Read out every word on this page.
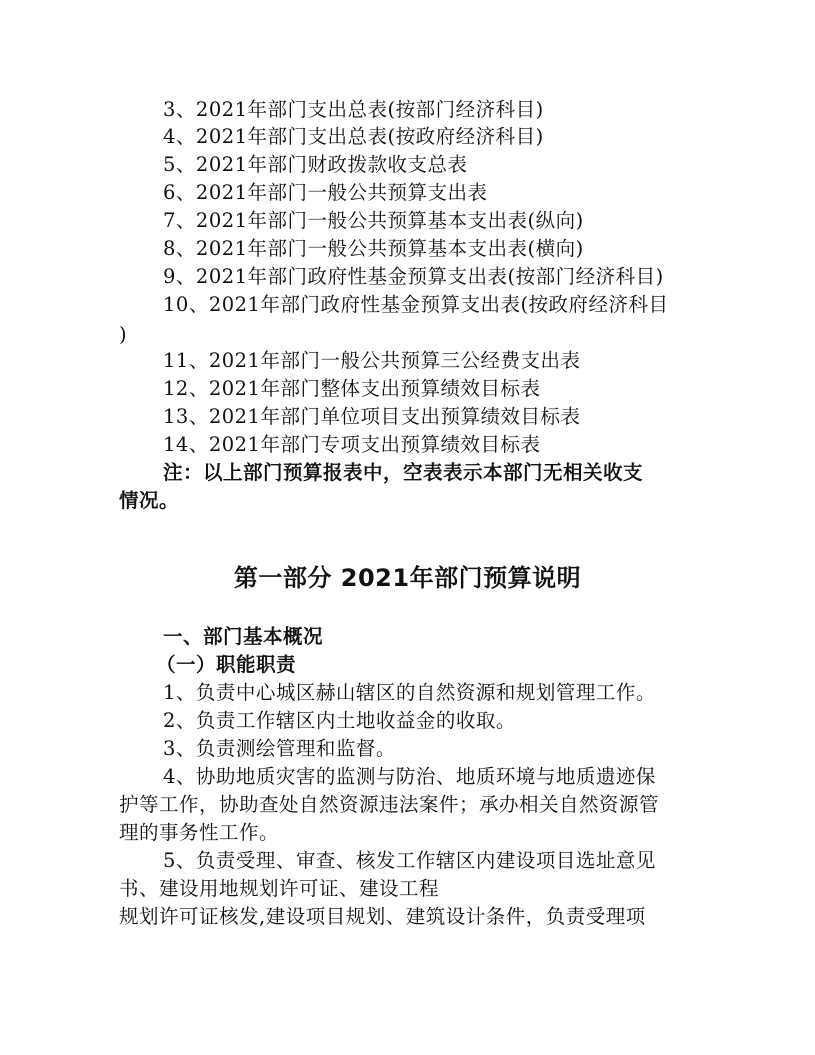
3、2021年部门支出总表(按部门经济科目)
4、2021年部门支出总表(按政府经济科目)
5、2021年部门财政拨款收支总表
6、2021年部门一般公共预算支出表
7、2021年部门一般公共预算基本支出表(纵向)
8、2021年部门一般公共预算基本支出表(横向)
9、2021年部门政府性基金预算支出表(按部门经济科目)
10、2021年部门政府性基金预算支出表(按政府经济科目
)
11、2021年部门一般公共预算三公经费支出表
12、2021年部门整体支出预算绩效目标表
13、2021年部门单位项目支出预算绩效目标表
14、2021年部门专项支出预算绩效目标表
注：以上部门预算报表中，空表表示本部门无相关收支
情况。
第一部分 2021年部门预算说明
一、部门基本概况
（一）职能职责
1、负责中心城区赫山辖区的自然资源和规划管理工作。
2、负责工作辖区内土地收益金的收取。
3、负责测绘管理和监督。
4、协助地质灾害的监测与防治、地质环境与地质遗迹保
护等工作，协助查处自然资源违法案件；承办相关自然资源管
理的事务性工作。
5、负责受理、审查、核发工作辖区内建设项目选址意见
书、建设用地规划许可证、建设工程
规划许可证核发,建设项目规划、建筑设计条件，负责受理项
